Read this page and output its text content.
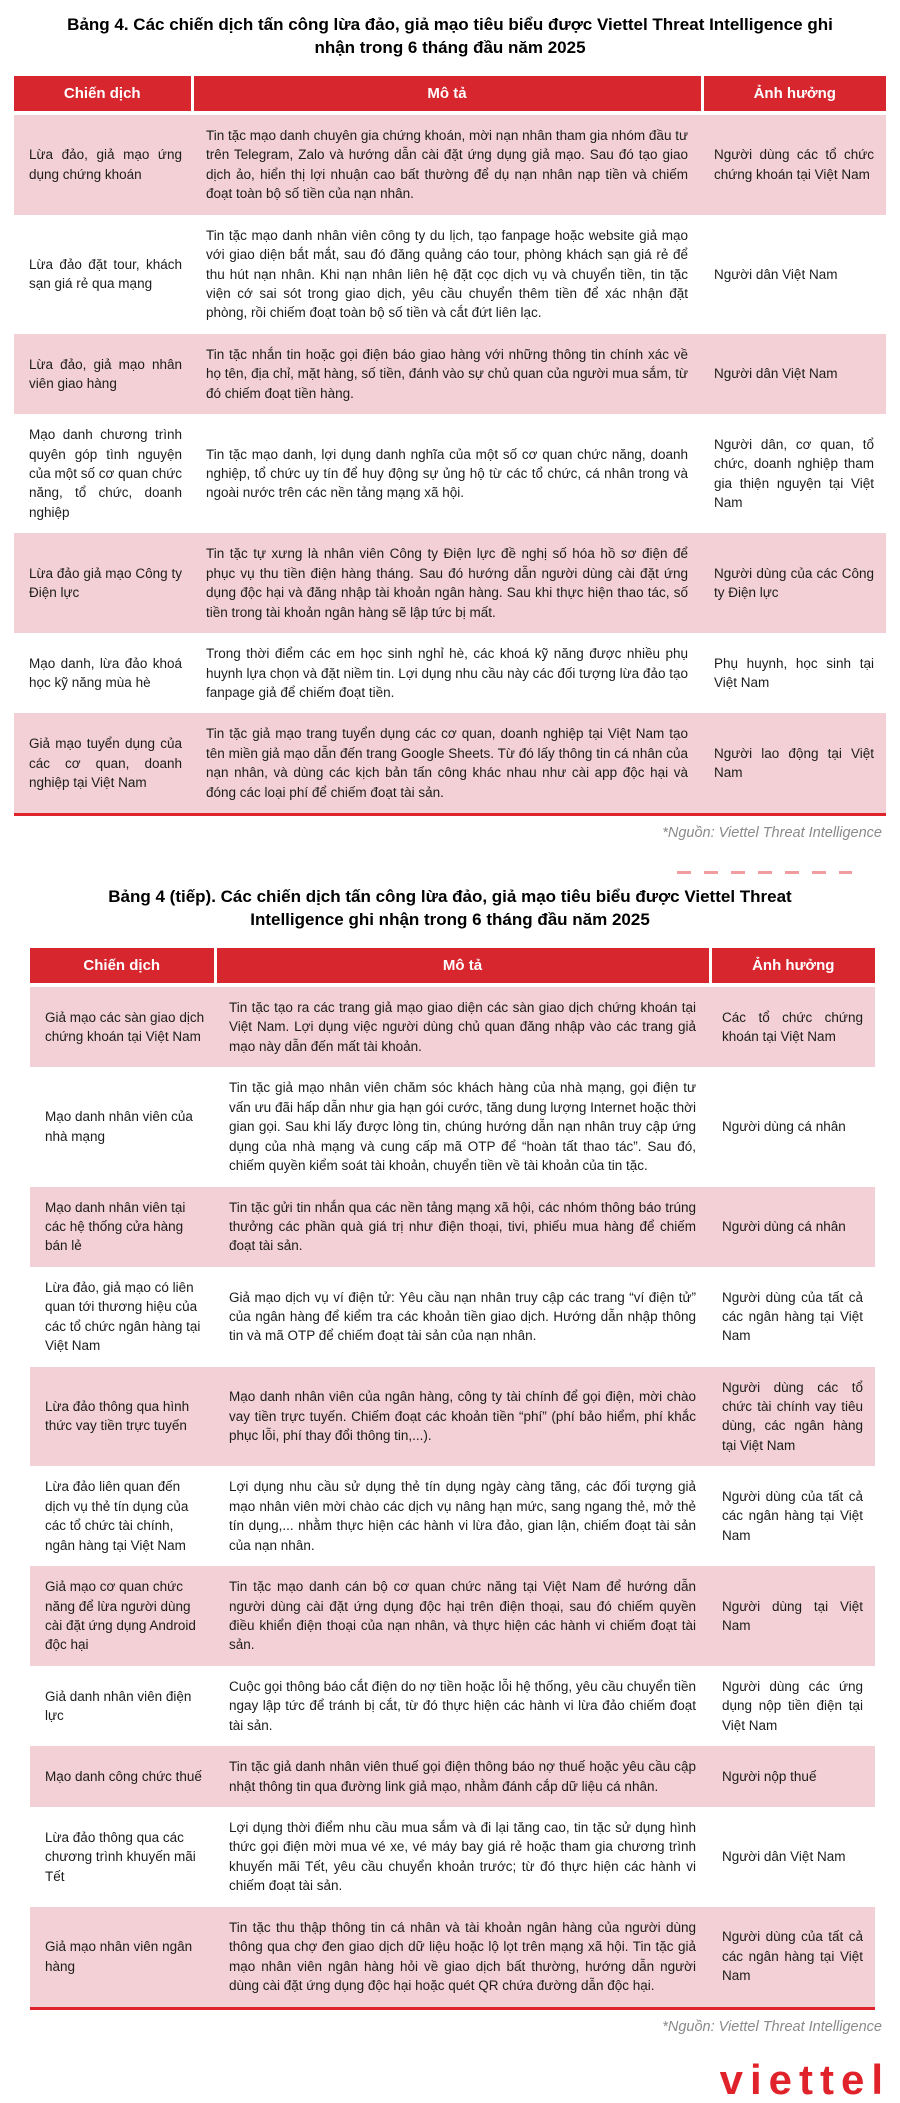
Bảng 4. Các chiến dịch tấn công lừa đảo, giả mạo tiêu biểu được Viettel Threat Intelligence ghi nhận trong 6 tháng đầu năm 2025
Chiến dịch	Mô tả	Ảnh hưởng
Lừa đảo, giả mạo ứng dụng chứng khoán	Tin tặc mạo danh chuyên gia chứng khoán, mời nạn nhân tham gia nhóm đầu tư trên Telegram, Zalo và hướng dẫn cài đặt ứng dụng giả mạo. Sau đó tạo giao dịch ảo, hiển thị lợi nhuận cao bất thường để dụ nạn nhân nạp tiền và chiếm đoạt toàn bộ số tiền của nạn nhân.	Người dùng các tổ chức chứng khoán tại Việt Nam
Lừa đảo đặt tour, khách sạn giá rẻ qua mạng	Tin tặc mạo danh nhân viên công ty du lịch, tạo fanpage hoặc website giả mạo với giao diện bắt mắt, sau đó đăng quảng cáo tour, phòng khách sạn giá rẻ để thu hút nạn nhân. Khi nạn nhân liên hệ đặt cọc dịch vụ và chuyển tiền, tin tặc viện cớ sai sót trong giao dịch, yêu cầu chuyển thêm tiền để xác nhận đặt phòng, rồi chiếm đoạt toàn bộ số tiền và cắt đứt liên lạc.	Người dân Việt Nam
Lừa đảo, giả mạo nhân viên giao hàng	Tin tặc nhắn tin hoặc gọi điện báo giao hàng với những thông tin chính xác về họ tên, địa chỉ, mặt hàng, số tiền, đánh vào sự chủ quan của người mua sắm, từ đó chiếm đoạt tiền hàng.	Người dân Việt Nam
Mạo danh chương trình quyên góp tình nguyện của một số cơ quan chức năng, tổ chức, doanh nghiệp	Tin tặc mạo danh, lợi dụng danh nghĩa của một số cơ quan chức năng, doanh nghiệp, tổ chức uy tín để huy động sự ủng hộ từ các tổ chức, cá nhân trong và ngoài nước trên các nền tảng mạng xã hội.	Người dân, cơ quan, tổ chức, doanh nghiệp tham gia thiện nguyện tại Việt Nam
Lừa đảo giả mạo Công ty Điện lực	Tin tặc tự xưng là nhân viên Công ty Điện lực đề nghị số hóa hồ sơ điện để phục vụ thu tiền điện hàng tháng. Sau đó hướng dẫn người dùng cài đặt ứng dụng độc hại và đăng nhập tài khoản ngân hàng. Sau khi thực hiện thao tác, số tiền trong tài khoản ngân hàng sẽ lập tức bị mất.	Người dùng của các Công ty Điện lực
Mạo danh, lừa đảo khoá học kỹ năng mùa hè	Trong thời điểm các em học sinh nghỉ hè, các khoá kỹ năng được nhiều phụ huynh lựa chọn và đặt niềm tin. Lợi dụng nhu cầu này các đối tượng lừa đảo tạo fanpage giả để chiếm đoạt tiền.	Phụ huynh, học sinh tại Việt Nam
Giả mạo tuyển dụng của các cơ quan, doanh nghiệp tại Việt Nam	Tin tặc giả mạo trang tuyển dụng các cơ quan, doanh nghiệp tại Việt Nam tạo tên miền giả mạo dẫn đến trang Google Sheets. Từ đó lấy thông tin cá nhân của nạn nhân, và dùng các kịch bản tấn công khác nhau như cài app độc hại và đóng các loại phí để chiếm đoạt tài sản.	Người lao động tại Việt Nam
*Nguồn: Viettel Threat Intelligence
Bảng 4 (tiếp). Các chiến dịch tấn công lừa đảo, giả mạo tiêu biểu được Viettel Threat Intelligence ghi nhận trong 6 tháng đầu năm 2025
Chiến dịch	Mô tả	Ảnh hưởng
Giả mạo các sàn giao dịch chứng khoán tại Việt Nam	Tin tặc tạo ra các trang giả mạo giao diện các sàn giao dịch chứng khoán tại Việt Nam. Lợi dụng việc người dùng chủ quan đăng nhập vào các trang giả mạo này dẫn đến mất tài khoản.	Các tổ chức chứng khoán tại Việt Nam
Mạo danh nhân viên của nhà mạng	Tin tặc giả mạo nhân viên chăm sóc khách hàng của nhà mạng, gọi điện tư vấn ưu đãi hấp dẫn như gia hạn gói cước, tăng dung lượng Internet hoặc thời gian gọi. Sau khi lấy được lòng tin, chúng hướng dẫn nạn nhân truy cập ứng dụng của nhà mạng và cung cấp mã OTP để “hoàn tất thao tác”. Sau đó, chiếm quyền kiểm soát tài khoản, chuyển tiền về tài khoản của tin tặc.	Người dùng cá nhân
Mạo danh nhân viên tại các hệ thống cửa hàng bán lẻ	Tin tặc gửi tin nhắn qua các nền tảng mạng xã hội, các nhóm thông báo trúng thưởng các phần quà giá trị như điện thoại, tivi, phiếu mua hàng để chiếm đoạt tài sản.	Người dùng cá nhân
Lừa đảo, giả mạo có liên quan tới thương hiệu của các tổ chức ngân hàng tại Việt Nam	Giả mạo dịch vụ ví điện tử: Yêu cầu nạn nhân truy cập các trang “ví điện tử” của ngân hàng để kiểm tra các khoản tiền giao dịch. Hướng dẫn nhập thông tin và mã OTP để chiếm đoạt tài sản của nạn nhân.	Người dùng của tất cả các ngân hàng tại Việt Nam
Lừa đảo thông qua hình thức vay tiền trực tuyến	Mạo danh nhân viên của ngân hàng, công ty tài chính để gọi điện, mời chào vay tiền trực tuyến. Chiếm đoạt các khoản tiền “phí” (phí bảo hiểm, phí khắc phục lỗi, phí thay đổi thông tin,...).	Người dùng các tổ chức tài chính vay tiêu dùng, các ngân hàng tại Việt Nam
Lừa đảo liên quan đến dịch vụ thẻ tín dụng của các tổ chức tài chính, ngân hàng tại Việt Nam	Lợi dụng nhu cầu sử dụng thẻ tín dụng ngày càng tăng, các đối tượng giả mạo nhân viên mời chào các dịch vụ nâng hạn mức, sang ngang thẻ, mở thẻ tín dụng,... nhằm thực hiện các hành vi lừa đảo, gian lận, chiếm đoạt tài sản của nạn nhân.	Người dùng của tất cả các ngân hàng tại Việt Nam
Giả mạo cơ quan chức năng để lừa người dùng cài đặt ứng dụng Android độc hại	Tin tặc mạo danh cán bộ cơ quan chức năng tại Việt Nam để hướng dẫn người dùng cài đặt ứng dụng độc hại trên điện thoại, sau đó chiếm quyền điều khiển điện thoại của nạn nhân, và thực hiện các hành vi chiếm đoạt tài sản.	Người dùng tại Việt Nam
Giả danh nhân viên điện lực	Cuộc gọi thông báo cắt điện do nợ tiền hoặc lỗi hệ thống, yêu cầu chuyển tiền ngay lập tức để tránh bị cắt, từ đó thực hiện các hành vi lừa đảo chiếm đoạt tài sản.	Người dùng các ứng dụng nộp tiền điện tại Việt Nam
Mạo danh công chức thuế	Tin tặc giả danh nhân viên thuế gọi điện thông báo nợ thuế hoặc yêu cầu cập nhật thông tin qua đường link giả mạo, nhằm đánh cắp dữ liệu cá nhân.	Người nộp thuế
Lừa đảo thông qua các chương trình khuyến mãi Tết	Lợi dụng thời điểm nhu cầu mua sắm và đi lại tăng cao, tin tặc sử dụng hình thức gọi điện mời mua vé xe, vé máy bay giá rẻ hoặc tham gia chương trình khuyến mãi Tết, yêu cầu chuyển khoản trước; từ đó thực hiện các hành vi chiếm đoạt tài sản.	Người dân Việt Nam
Giả mạo nhân viên ngân hàng	Tin tặc thu thập thông tin cá nhân và tài khoản ngân hàng của người dùng thông qua chợ đen giao dịch dữ liệu hoặc lộ lọt trên mạng xã hội. Tin tặc giả mạo nhân viên ngân hàng hỏi về giao dịch bất thường, hướng dẫn người dùng cài đặt ứng dụng độc hại hoặc quét QR chứa đường dẫn độc hại.	Người dùng của tất cả các ngân hàng tại Việt Nam
*Nguồn: Viettel Threat Intelligence
viettel
